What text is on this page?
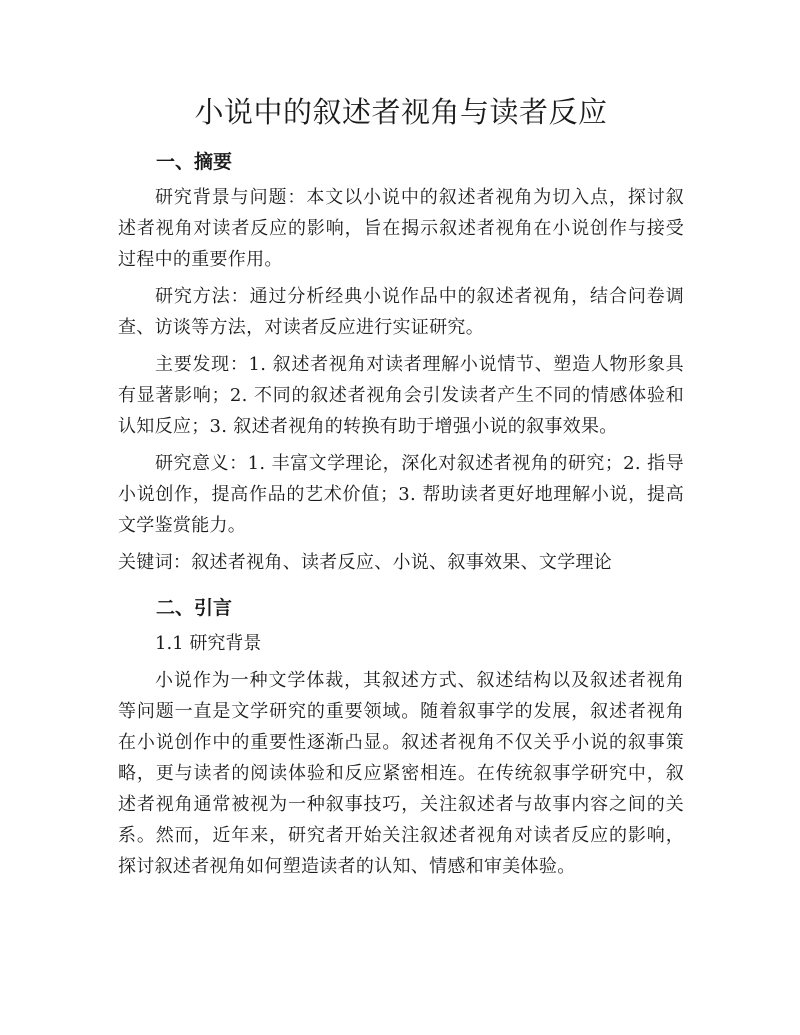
小说中的叙述者视角与读者反应
一、摘要

研究背景与问题：本文以小说中的叙述者视角为切入点，探讨叙述者视角对读者反应的影响，旨在揭示叙述者视角在小说创作与接受过程中的重要作用。

研究方法：通过分析经典小说作品中的叙述者视角，结合问卷调查、访谈等方法，对读者反应进行实证研究。

主要发现：1. 叙述者视角对读者理解小说情节、塑造人物形象具有显著影响；2. 不同的叙述者视角会引发读者产生不同的情感体验和认知反应；3. 叙述者视角的转换有助于增强小说的叙事效果。

研究意义：1. 丰富文学理论，深化对叙述者视角的研究；2. 指导小说创作，提高作品的艺术价值；3. 帮助读者更好地理解小说，提高文学鉴赏能力。

关键词：叙述者视角、读者反应、小说、叙事效果、文学理论

二、引言
1.1 研究背景

小说作为一种文学体裁，其叙述方式、叙述结构以及叙述者视角等问题一直是文学研究的重要领域。随着叙事学的发展，叙述者视角在小说创作中的重要性逐渐凸显。叙述者视角不仅关乎小说的叙事策略，更与读者的阅读体验和反应紧密相连。在传统叙事学研究中，叙述者视角通常被视为一种叙事技巧，关注叙述者与故事内容之间的关系。然而，近年来，研究者开始关注叙述者视角对读者反应的影响，探讨叙述者视角如何塑造读者的认知、情感和审美体验。
